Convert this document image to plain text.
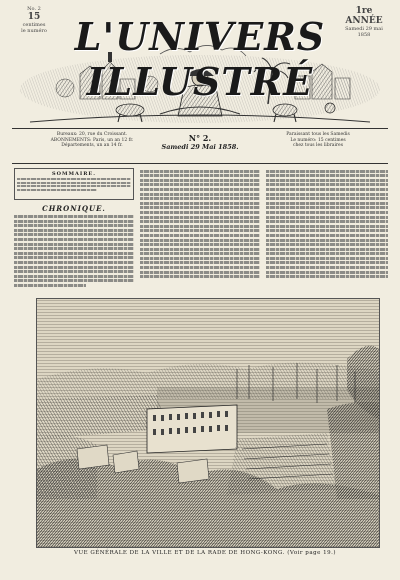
No. 2
15
centimes
le numéro
1re ANNÉE
Samedi 29 mai
1858
L'UNIVERS ILLUSTRÉ
Bureaux: 20, rue du Croissant.
ABONNEMENTS: Paris, un an 12 fr.
Départements, un an 14 fr.
N° 2.
Samedi 29 Mai 1858.
Paraissant tous les Samedis
Le numéro: 15 centimes
chez tous les libraires
SOMMAIRE.
CHRONIQUE.
VUE GÉNÉRALE DE LA VILLE ET DE LA RADE DE HONG-KONG. (Voir page 19.)
